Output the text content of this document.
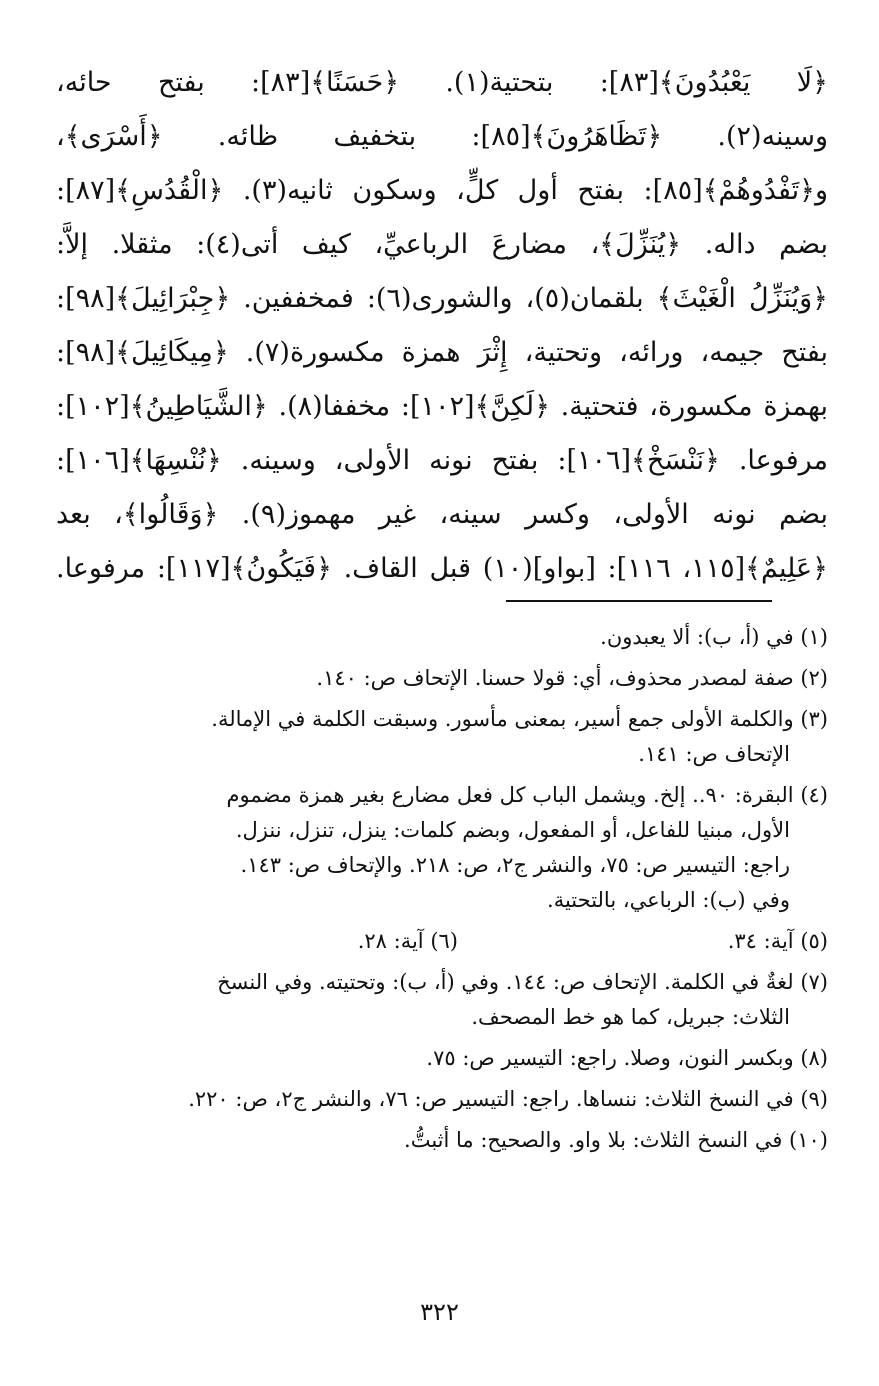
﴿لَا يَعْبُدُونَ﴾[٨٣]: بتحتية(١). ﴿حَسَنًا﴾[٨٣]: بفتح حائه،
وسينه(٢). ﴿تَظَاهَرُونَ﴾[٨٥]: بتخفيف ظائه. ﴿أَسْرَى﴾،
و﴿تَفْدُوهُمْ﴾[٨٥]: بفتح أول كلٍّ، وسكون ثانيه(٣). ﴿الْقُدُسِ﴾[٨٧]:
بضم داله. ﴿يُنَزِّلَ﴾، مضارعَ الرباعيِّ، كيف أتى(٤): مثقلا. إلاَّ:
﴿وَيُنَزِّلُ الْغَيْثَ﴾ بلقمان(٥)، والشورى(٦): فمخففين. ﴿جِبْرَائِيلَ﴾[٩٨]:
بفتح جيمه، ورائه، وتحتية، إِثْرَ همزة مكسورة(٧). ﴿مِيكَائِيلَ﴾[٩٨]:
بهمزة مكسورة، فتحتية. ﴿لَكِنَّ﴾[١٠٢]: مخففا(٨). ﴿الشَّيَاطِينُ﴾[١٠٢]:
مرفوعا. ﴿نَنْسَخْ﴾[١٠٦]: بفتح نونه الأولى، وسينه. ﴿نُنْسِهَا﴾[١٠٦]:
بضم نونه الأولى، وكسر سينه، غير مهموز(٩). ﴿وَقَالُوا﴾، بعد
﴿عَلِيمٌ﴾[١١٥، ١١٦]: [بواو](١٠) قبل القاف. ﴿فَيَكُونُ﴾[١١٧]: مرفوعا.
(١) في (أ، ب): ألا يعبدون.
(٢) صفة لمصدر محذوف، أي: قولا حسنا. الإتحاف ص: ١٤٠.
(٣) والكلمة الأولى جمع أسير، بمعنى مأسور. وسبقت الكلمة في الإمالة.
الإتحاف ص: ١٤١.
(٤) البقرة: ٩٠.. إلخ. ويشمل الباب كل فعل مضارع بغير همزة مضموم
الأول، مبنيا للفاعل، أو المفعول، وبضم كلمات: ينزل، تنزل، ننزل.
راجع: التيسير ص: ٧٥، والنشر ج٢، ص: ٢١٨. والإتحاف ص: ١٤٣.
وفي (ب): الرباعي، بالتحتية.
(٥) آية: ٣٤.
(٦) آية: ٢٨.
(٧) لغةٌ في الكلمة. الإتحاف ص: ١٤٤. وفي (أ، ب): وتحتيته. وفي النسخ
الثلاث: جبريل، كما هو خط المصحف.
(٨) وبكسر النون، وصلا. راجع: التيسير ص: ٧٥.
(٩) في النسخ الثلاث: ننساها. راجع: التيسير ص: ٧٦، والنشر ج٢، ص: ٢٢٠.
(١٠) في النسخ الثلاث: بلا واو. والصحيح: ما أثبتُّ.
٣٢٢
